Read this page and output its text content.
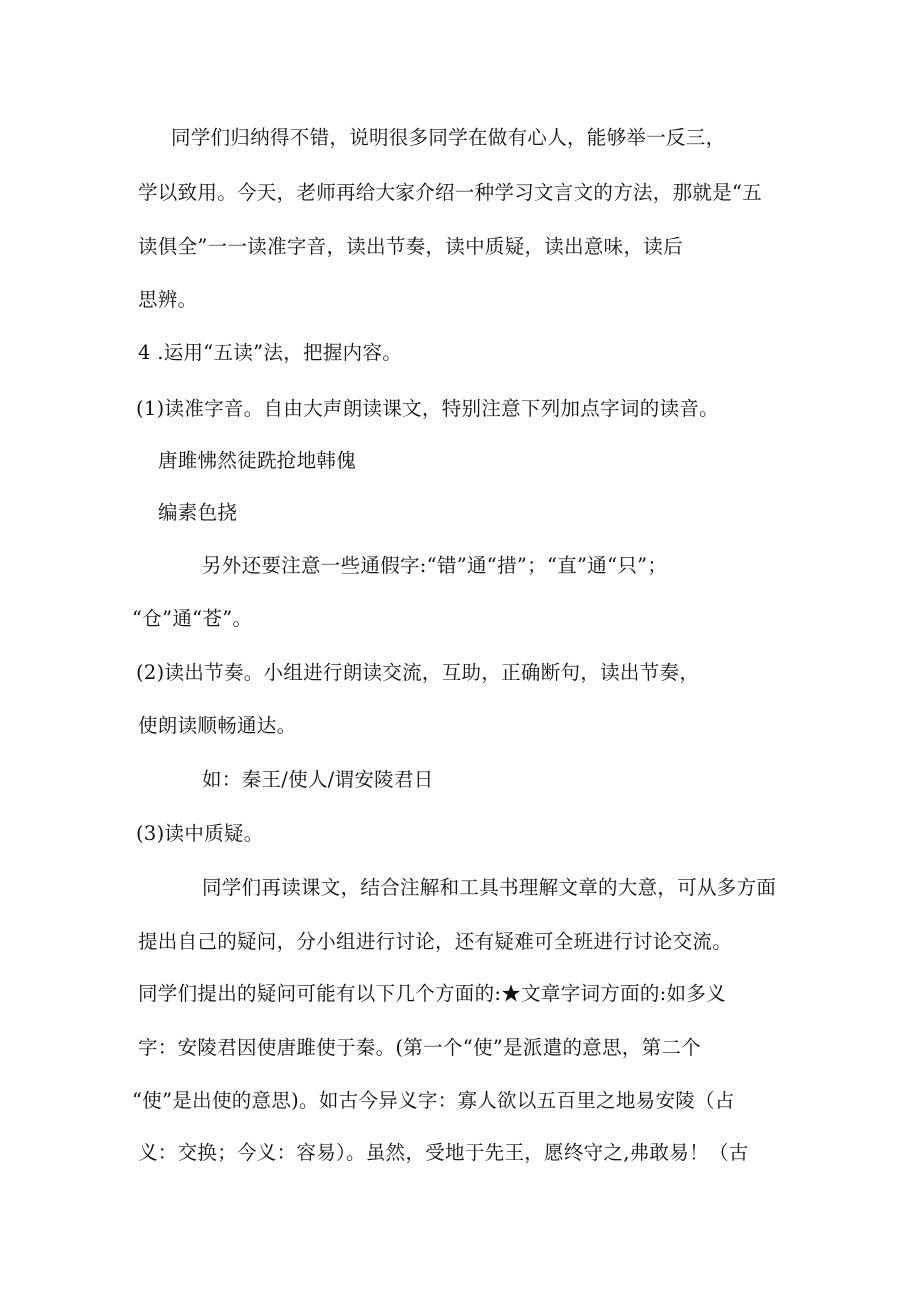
同学们归纳得不错，说明很多同学在做有心人，能够举一反三，
学以致用。今天，老师再给大家介绍一种学习文言文的方法，那就是“五
读俱全”一一读准字音，读出节奏，读中质疑，读出意味，读后
思辨。
4 .运用“五读”法，把握内容。
(1)读准字音。自由大声朗读课文，特别注意下列加点字词的读音。
唐雎怫然徒跣抢地韩傀
编素色挠
另外还要注意一些通假字:“错”通“措”；“直”通“只”；
“仓”通“苍”。
(2)读出节奏。小组进行朗读交流，互助，正确断句，读出节奏，
使朗读顺畅通达。
如：秦王/使人/谓安陵君日
(3)读中质疑。
同学们再读课文，结合注解和工具书理解文章的大意，可从多方面
提出自己的疑问，分小组进行讨论，还有疑难可全班进行讨论交流。
同学们提出的疑问可能有以下几个方面的:★文章字词方面的:如多义
字：安陵君因使唐雎使于秦。(第一个“使”是派遣的意思，第二个
“使”是出使的意思)。如古今异义字：寡人欲以五百里之地易安陵（占
义：交换；今义：容易）。虽然，受地于先王，愿终守之,弗敢易！（古
